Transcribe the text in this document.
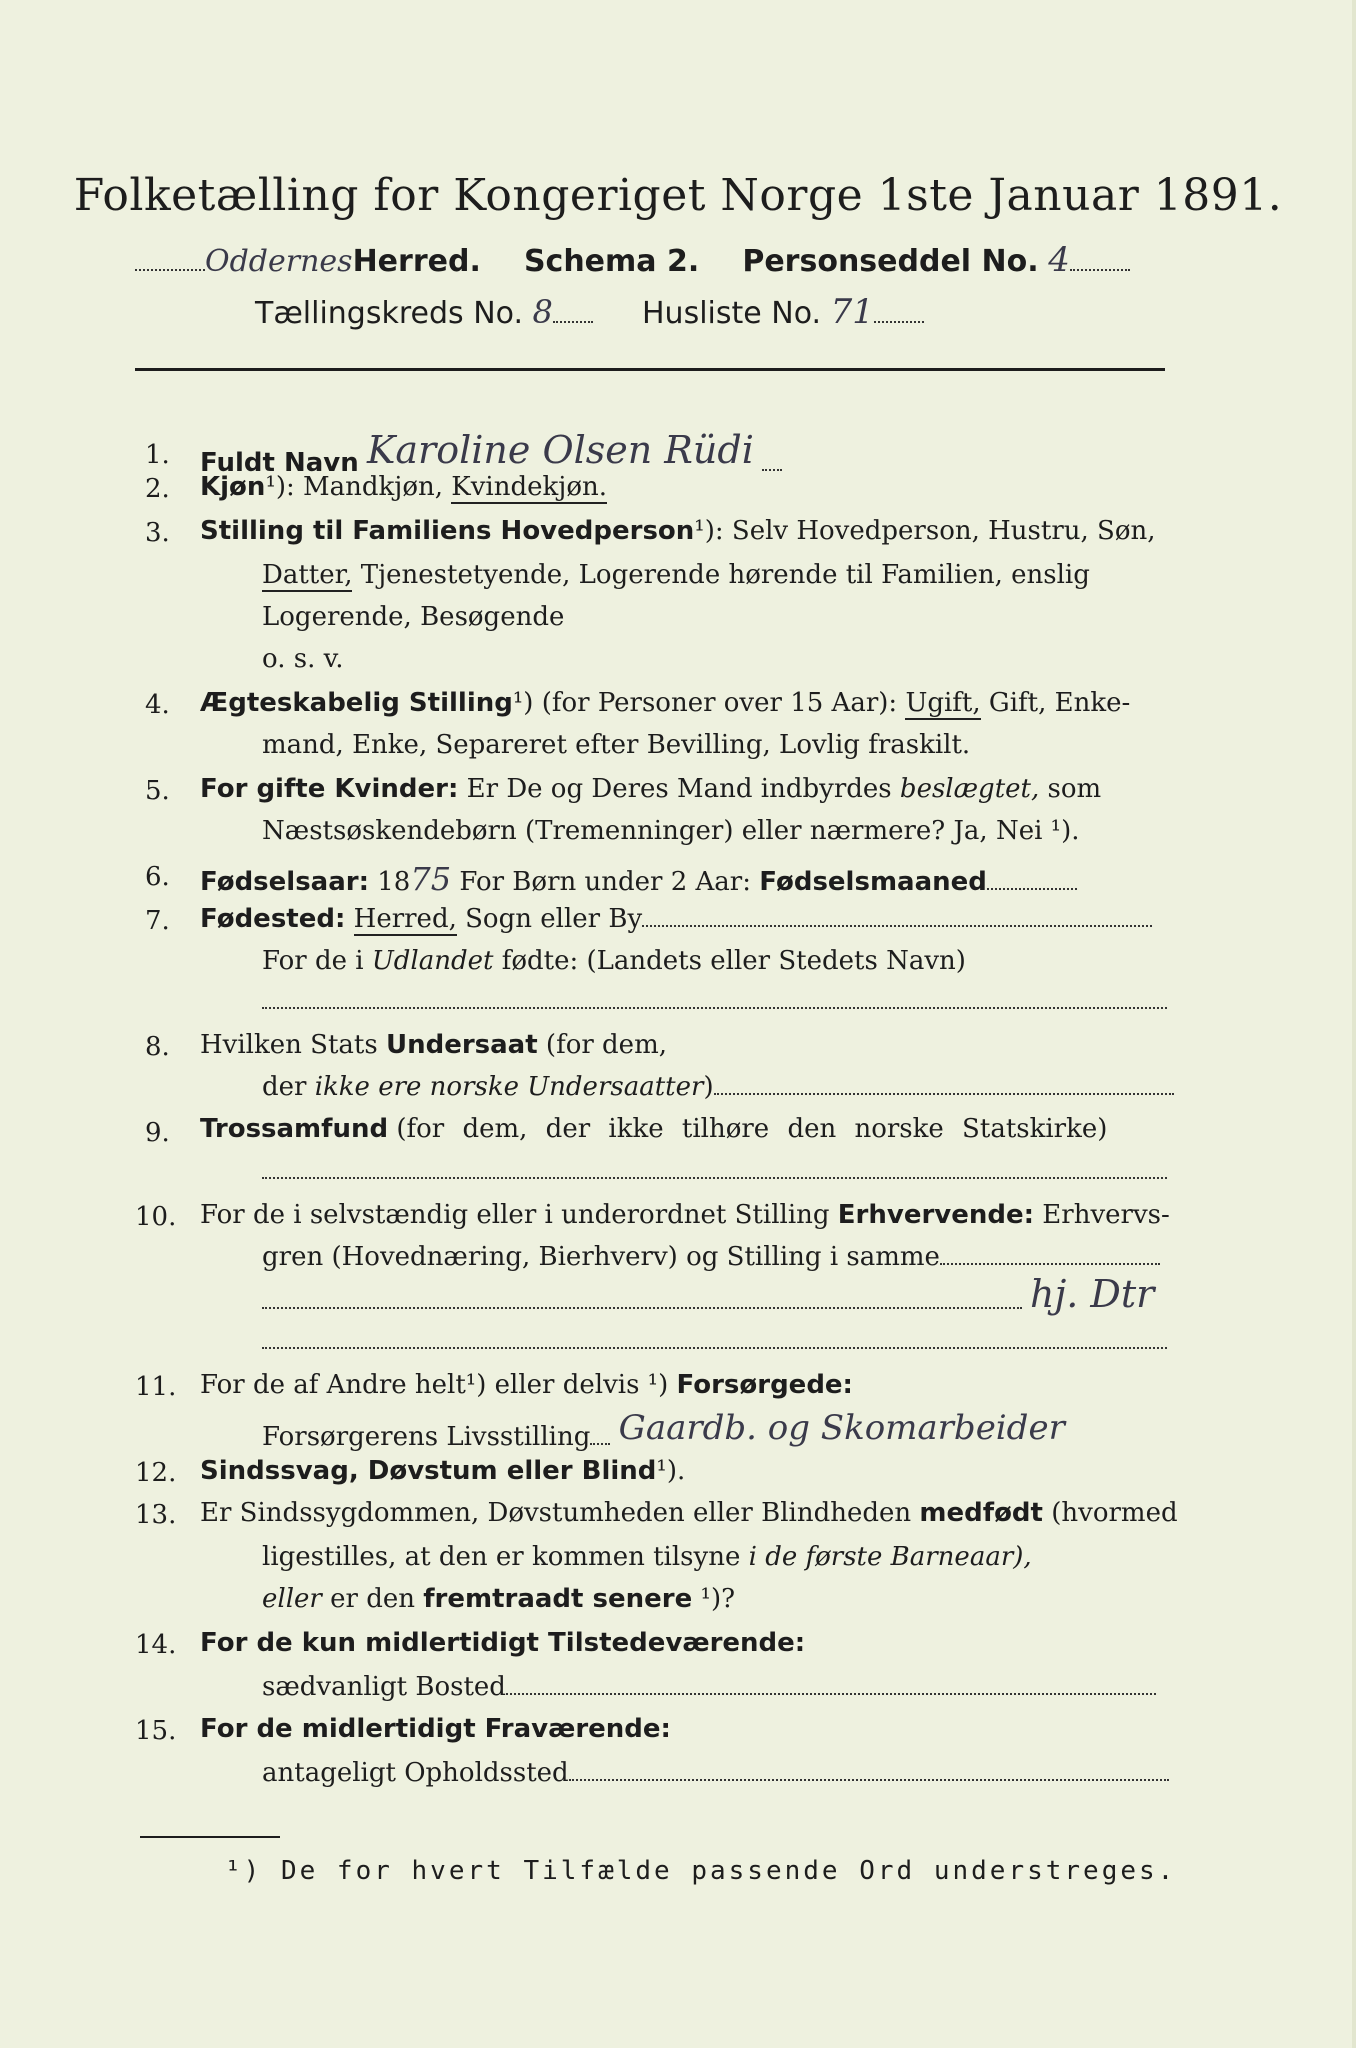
Folketælling for Kongeriget Norge 1ste Januar 1891.
OddernesHerred. Schema 2. Personseddel No. 4
Tællingskreds No. 8	Husliste No. 71
1.	Fuldt Navn Karoline Olsen Rüdi
2.	Kjøn¹): Mandkjøn, Kvindekjøn.
3.	Stilling til Familiens Hovedperson¹): Selv Hovedperson, Hustru, Søn,
Datter, Tjenestetyende, Logerende hørende til Familien, enslig
Logerende, Besøgende
o. s. v.
4.	Ægteskabelig Stilling¹) (for Personer over 15 Aar): Ugift, Gift, Enke-
mand, Enke, Separeret efter Bevilling, Lovlig fraskilt.
5.	For gifte Kvinder: Er De og Deres Mand indbyrdes beslægtet, som
Næstsøskendebørn (Tremenninger) eller nærmere? Ja, Nei ¹).
6.	Fødselsaar: 1875 For Børn under 2 Aar: Fødselsmaaned
7.	Fødested: Herred, Sogn eller By
For de i Udlandet fødte: (Landets eller Stedets Navn)
8.	Hvilken Stats Undersaat (for dem,
der ikke ere norske Undersaatter)
9.	Trossamfund (for dem, der ikke tilhøre den norske Statskirke)
10. For de i selvstændig eller i underordnet Stilling Erhvervende: Erhvervs-
gren (Hovednæring, Bierhverv) og Stilling i samme
hj. Dtr
11. For de af Andre helt¹) eller delvis ¹) Forsørgede:
Forsørgerens Livsstilling Gaardb. og Skomarbeider
12. Sindssvag, Døvstum eller Blind¹).
13. Er Sindssygdommen, Døvstumheden eller Blindheden medfødt (hvormed
ligestilles, at den er kommen tilsyne i de første Barneaar),
eller er den fremtraadt senere ¹)?
14. For de kun midlertidigt Tilstedeværende:
sædvanligt Bosted
15. For de midlertidigt Fraværende:
antageligt Opholdssted
¹) De for hvert Tilfælde passende Ord understreges.
